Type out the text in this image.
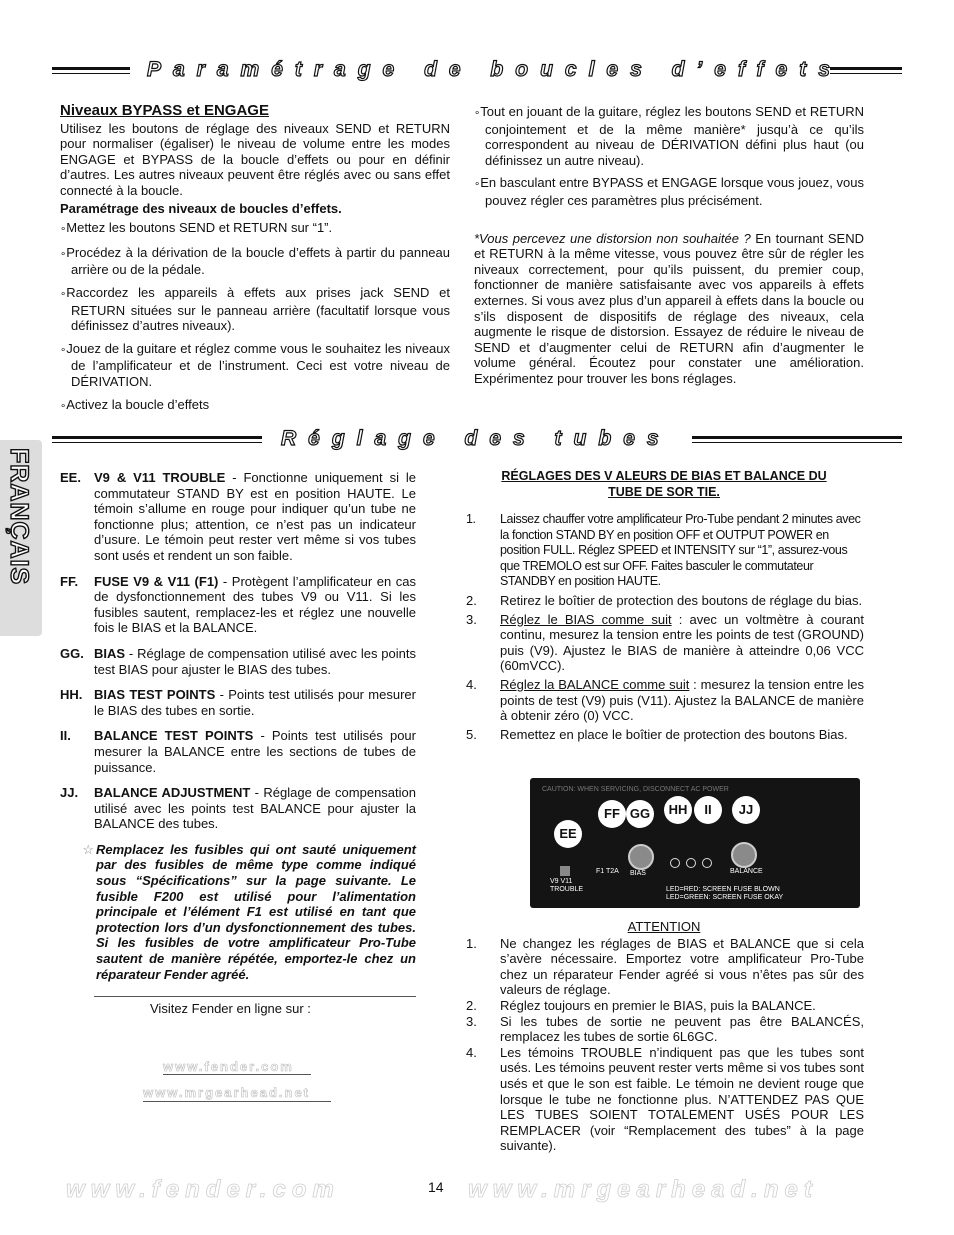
Paramétrage de boucles d’effets
Niveaux BYPASS et ENGAGE

Utilisez les boutons de réglage des niveaux SEND et RETURN pour normaliser (égaliser) le niveau de volume entre les modes ENGAGE et BYPASS de la boucle d’effets ou pour en définir d’autres. Les autres niveaux peuvent être réglés avec ou sans effet connecté à la boucle.

Paramétrage des niveaux de boucles d’effets.

∘ Mettez les boutons SEND et RETURN sur “1”.
∘ Procédez à la dérivation de la boucle d’effets à partir du panneau arrière ou de la pédale.
∘ Raccordez les appareils à effets aux prises jack SEND et RETURN situées sur le panneau arrière (facultatif lorsque vous définissez d’autres niveaux).
∘ Jouez de la guitare et réglez comme vous le souhaitez les niveaux de l’amplificateur et de l’instrument. Ceci est votre niveau de DÉRIVATION.
∘ Activez la boucle d’effets
∘ Tout en jouant de la guitare, réglez les boutons SEND et RETURN conjointement et de la même manière* jusqu’à ce qu’ils correspondent au niveau de DÉRIVATION défini plus haut (ou définissez un autre niveau).
∘ En basculant entre BYPASS et ENGAGE lorsque vous jouez, vous pouvez régler ces paramètres plus précisément.

*Vous percevez une distorsion non souhaitée ? En tournant SEND et RETURN à la même vitesse, vous pouvez être sûr de régler les niveaux correctement, pour qu’ils puissent, du premier coup, fonctionner de manière satisfaisante avec vos appareils à effets externes. Si vous avez plus d’un appareil à effets dans la boucle ou s’ils disposent de dispositifs de réglage des niveaux, cela augmente le risque de distorsion. Essayez de réduire le niveau de SEND et d’augmenter celui de RETURN afin d’augmenter le volume général. Écoutez pour constater une amélioration. Expérimentez pour trouver les bons réglages.

Réglage des tubes
FRANÇAIS EE.	V9 & V11 TROUBLE - Fonctionne uniquement si le commutateur STAND BY est en position HAUTE. Le témoin s’allume en rouge pour indiquer qu’un tube ne fonctionne plus; attention, ce n’est pas un indicateur d’usure. Le témoin peut rester vert même si vos tubes sont usés et rendent un son faible.
FF.	FUSE V9 & V11 (F1) - Protègent l’amplificateur en cas de dysfonctionnement des tubes V9 ou V11. Si les fusibles sautent, remplacez-les et réglez une nouvelle fois le BIAS et la BALANCE.
GG. BIAS - Réglage de compensation utilisé avec les points test BIAS pour ajuster le BIAS des tubes.
HH. BIAS TEST POINTS - Points test utilisés pour mesurer le BIAS des tubes en sortie.
II.	BALANCE TEST POINTS - Points test utilisés pour mesurer la BALANCE entre les sections de tubes de puissance.
JJ.	BALANCE ADJUSTMENT - Réglage de compensation utilisé avec les points test BALANCE pour ajuster la BALANCE des tubes.
☆ Remplacez les fusibles qui ont sauté uniquement par des fusibles de même type comme indiqué sous “Spécifications” sur la page suivante. Le fusible F200 est utilisé pour l’alimentation principale et l’élément F1 est utilisé en tant que protection lors d’un dysfonctionnement des tubes. Si les fusibles de votre amplificateur Pro-Tube sautent de manière répétée, emportez-le chez un réparateur Fender agréé.
Visitez Fender en ligne sur :
www.fender.com
www.mrgearhead.net
RÉGLAGES DES V ALEURS DE BIAS ET BALANCE DU
TUBE DE SOR TIE.
1.	Laissez chauffer votre amplificateur Pro-Tube pendant 2 minutes avec la fonction STAND BY en position OFF et OUTPUT POWER en position FULL. Réglez SPEED et INTENSITY sur “1”, assurez-vous que TREMOLO est sur OFF. Faites basculer le commutateur STANDBY en position HAUTE.
2.	Retirez le boîtier de protection des boutons de réglage du bias.
3.	Réglez le BIAS comme suit : avec un voltmètre à courant continu, mesurez la tension entre les points de test (GROUND) puis (V9). Ajustez le BIAS de manière à atteindre 0,06 VCC (60mVCC).
4.	Réglez la BALANCE comme suit : mesurez la tension entre les points de test (V9) puis (V11). Ajustez la BALANCE de manière à obtenir zéro (0) VCC.
5.	Remettez en place le boîtier de protection des boutons Bias.
CAUTION: WHEN SERVICING, DISCONNECT AC POWER
EE
FF GG	HH	II	JJ
V9 V11
TROUBLE
F1 T2A BIAS	BALANCE
LED=RED: SCREEN FUSE BLOWN
LED=GREEN: SCREEN FUSE OKAY
ATTENTION
1.	Ne changez les réglages de BIAS et BALANCE que si cela s’avère nécessaire. Emportez votre amplificateur Pro-Tube chez un réparateur Fender agréé si vous n’êtes pas sûr des valeurs de réglage.
2.	Réglez toujours en premier le BIAS, puis la BALANCE.
3.	Si les tubes de sortie ne peuvent pas être BALANCÉS, remplacez les tubes de sortie 6L6GC.
4.	Les témoins TROUBLE n’indiquent pas que les tubes sont usés. Les témoins peuvent rester verts même si vos tubes sont usés et que le son est faible. Le témoin ne devient rouge que lorsque le tube ne fonctionne plus. N’ATTENDEZ PAS QUE LES TUBES SOIENT TOTALEMENT USÉS POUR LES REMPLACER (voir “Remplacement des tubes” à la page suivante).
www.fender.com	www.mrgearhead.net
14
